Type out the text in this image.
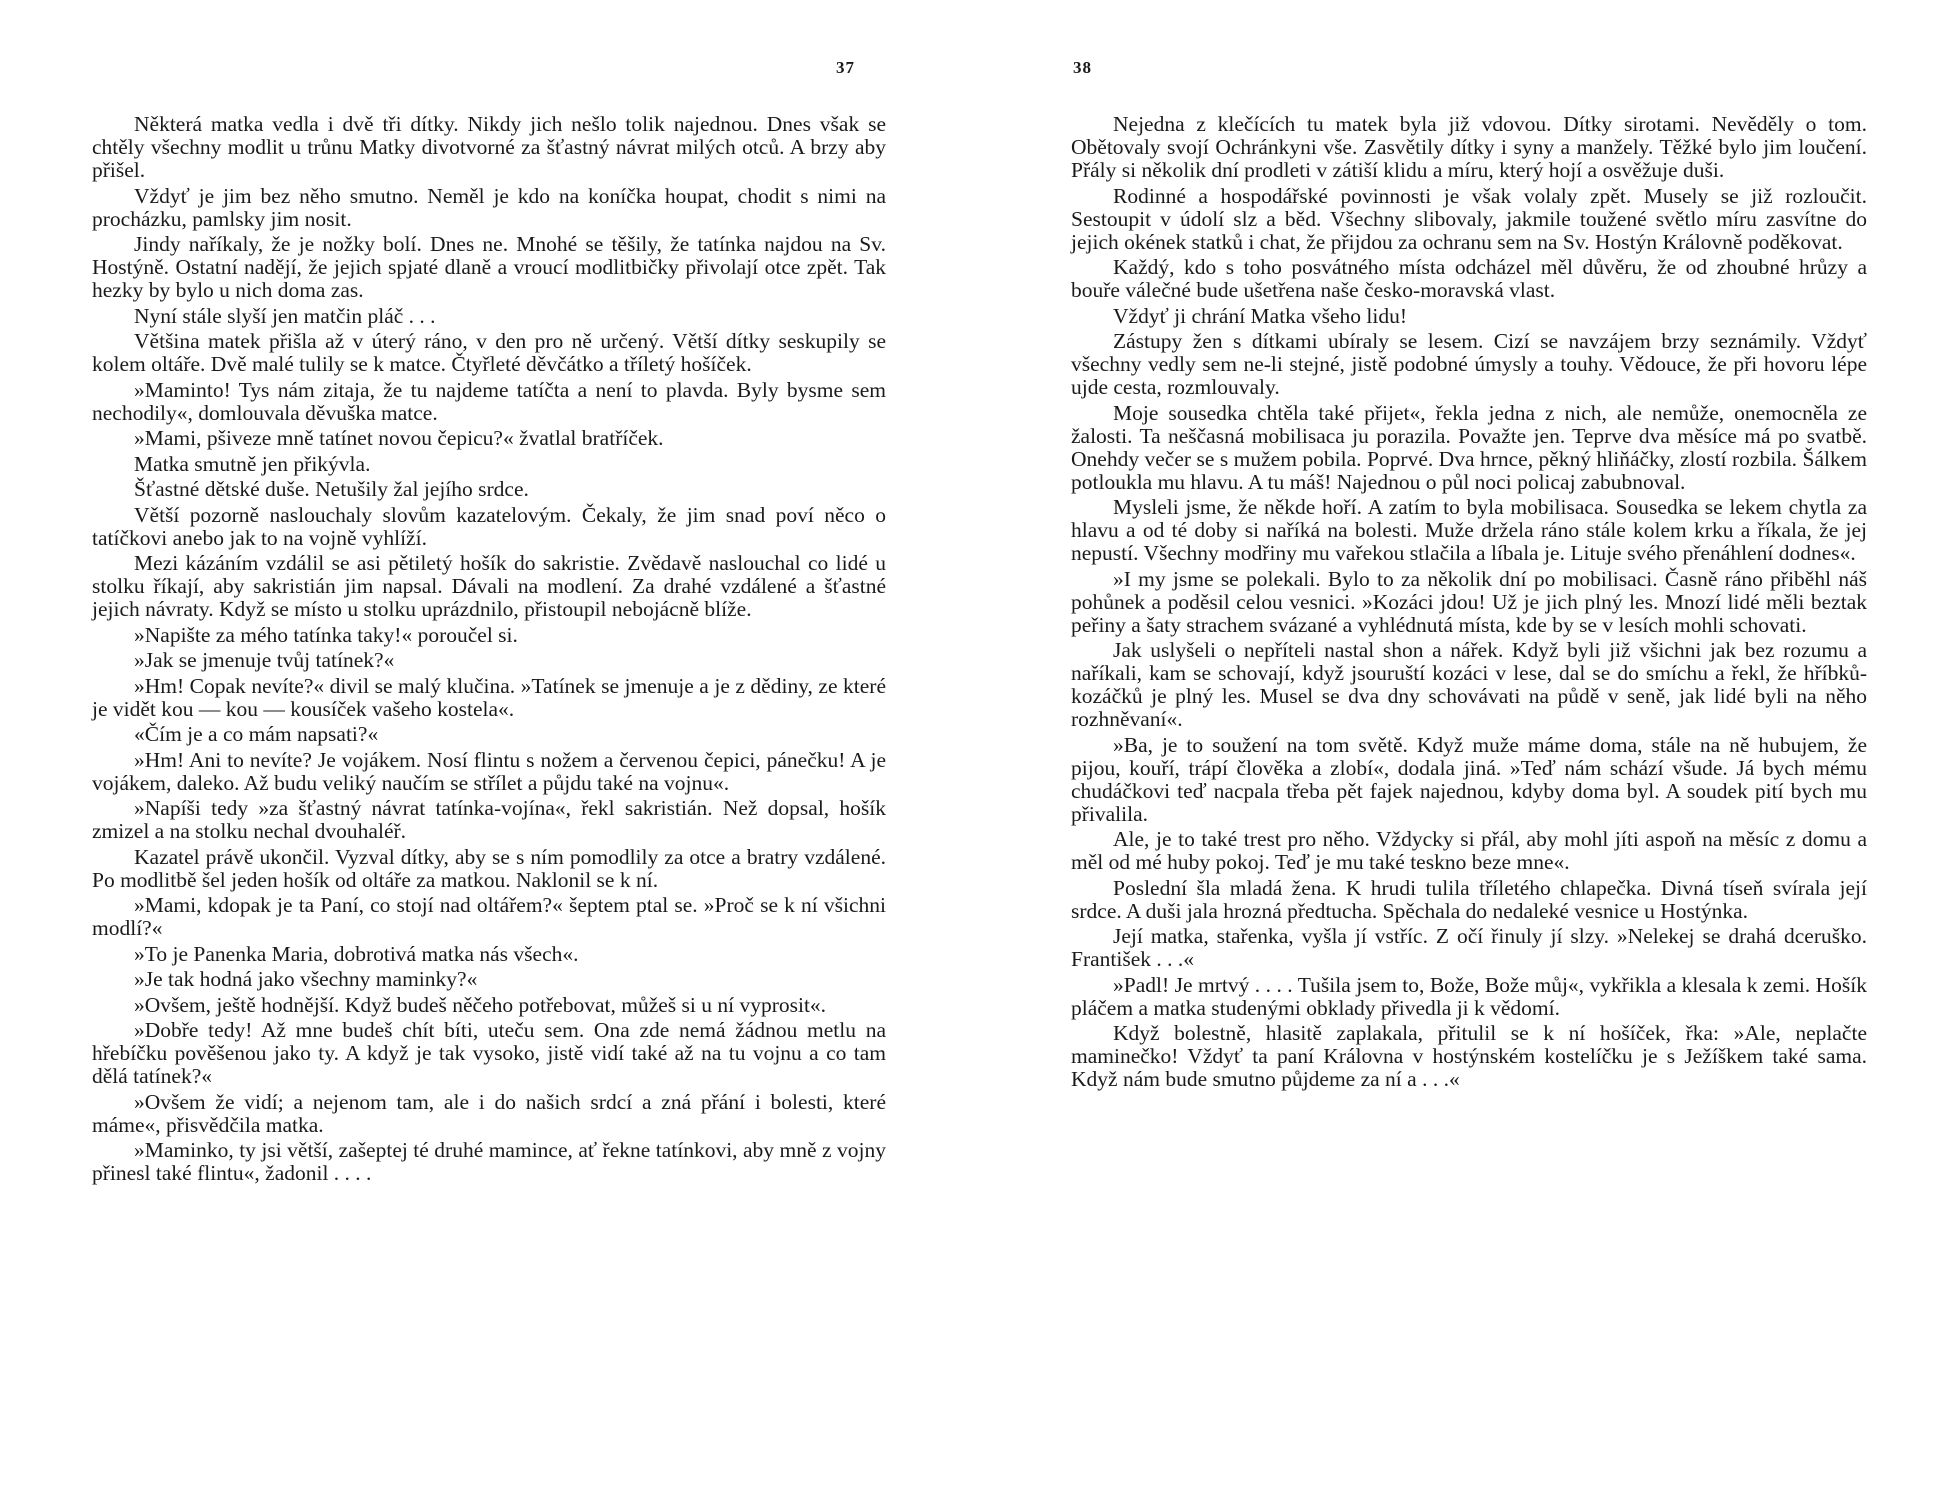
37

Některá matka vedla i dvě tři dítky. Nikdy jich nešlo tolik najednou. Dnes však se chtěly všechny modlit u trůnu Matky divotvorné za šťastný návrat milých otců. A brzy aby přišel.

Vždyť je jim bez něho smutno. Neměl je kdo na koníčka houpat, chodit s nimi na procházku, pamlsky jim nosit.

Jindy naříkaly, že je nožky bolí. Dnes ne. Mnohé se těšily, že tatínka najdou na Sv. Hostýně. Ostatní nadějí, že jejich spjaté dlaně a vroucí modlitbičky přivolají otce zpět. Tak hezky by bylo u nich doma zas.

Nyní stále slyší jen matčin pláč . . .

Většina matek přišla až v úterý ráno, v den pro ně určený. Větší dítky seskupily se kolem oltáře. Dvě malé tulily se k matce. Čtyřleté děvčátko a tříletý hošíček.

»Maminto! Tys nám zitaja, že tu najdeme tatíčta a není to plavda. Byly bysme sem nechodily«, domlouvala děvuška matce.

»Mami, pšiveze mně tatínet novou čepicu?« žvatlal bratříček.

Matka smutně jen přikývla.

Šťastné dětské duše. Netušily žal jejího srdce.

Větší pozorně naslouchaly slovům kazatelovým. Čekaly, že jim snad poví něco o tatíčkovi anebo jak to na vojně vyhlíží.

Mezi kázáním vzdálil se asi pětiletý hošík do sakristie. Zvědavě naslouchal co lidé u stolku říkají, aby sakristián jim napsal. Dávali na modlení. Za drahé vzdálené a šťastné jejich návraty. Když se místo u stolku uprázdnilo, přistoupil nebojácně blíže.

»Napište za mého tatínka taky!« poroučel si.

»Jak se jmenuje tvůj tatínek?«

»Hm! Copak nevíte?« divil se malý klučina. »Tatínek se jmenuje a je z dědiny, ze které je vidět kou — kou — kousíček vašeho kostela«.

«Čím je a co mám napsati?«

»Hm! Ani to nevíte? Je vojákem. Nosí flintu s nožem a červenou čepici, pánečku! A je vojákem, daleko. Až budu veliký naučím se střílet a půjdu také na vojnu«.

»Napíši tedy »za šťastný návrat tatínka-vojína«, řekl sakristián. Než dopsal, hošík zmizel a na stolku nechal dvouhaléř.

Kazatel právě ukončil. Vyzval dítky, aby se s ním pomodlily za otce a bratry vzdálené. Po modlitbě šel jeden hošík od oltáře za matkou. Naklonil se k ní.

»Mami, kdopak je ta Paní, co stojí nad oltářem?« šeptem ptal se. »Proč se k ní všichni modlí?«

»To je Panenka Maria, dobrotivá matka nás všech«.

»Je tak hodná jako všechny maminky?«

»Ovšem, ještě hodnější. Když budeš něčeho potřebovat, můžeš si u ní vyprosit«.

»Dobře tedy! Až mne budeš chít bíti, uteču sem. Ona zde nemá žádnou metlu na hřebíčku pověšenou jako ty. A když je tak vysoko, jistě vidí také až na tu vojnu a co tam dělá tatínek?«

»Ovšem že vidí; a nejenom tam, ale i do našich srdcí a zná přání i bolesti, které máme«, přisvědčila matka.

»Maminko, ty jsi větší, zašeptej té druhé mamince, ať řekne tatínkovi, aby mně z vojny přinesl také flintu«, žadonil . . . .

38

Nejedna z klečících tu matek byla již vdovou. Dítky sirotami. Nevěděly o tom. Obětovaly svojí Ochránkyni vše. Zasvětily dítky i syny a manžely. Těžké bylo jim loučení. Přály si několik dní prodleti v zátiší klidu a míru, který hojí a osvěžuje duši.

Rodinné a hospodářské povinnosti je však volaly zpět. Musely se již rozloučit. Sestoupit v údolí slz a běd. Všechny slibovaly, jakmile toužené světlo míru zasvítne do jejich okének statků i chat, že přijdou za ochranu sem na Sv. Hostýn Královně poděkovat.

Každý, kdo s toho posvátného místa odcházel měl důvěru, že od zhoubné hrůzy a bouře válečné bude ušetřena naše česko-moravská vlast.

Vždyť ji chrání Matka všeho lidu!

Zástupy žen s dítkami ubíraly se lesem. Cizí se navzájem brzy seznámily. Vždyť všechny vedly sem ne-li stejné, jistě podobné úmysly a touhy. Vědouce, že při hovoru lépe ujde cesta, rozmlouvaly.

Moje sousedka chtěla také přijet«, řekla jedna z nich, ale nemůže, onemocněla ze žalosti. Ta neščasná mobilisaca ju porazila. Považte jen. Teprve dva měsíce má po svatbě. Onehdy večer se s mužem pobila. Poprvé. Dva hrnce, pěkný hliňáčky, zlostí rozbila. Šálkem potloukla mu hlavu. A tu máš! Najednou o půl noci policaj zabubnoval.

Mysleli jsme, že někde hoří. A zatím to byla mobilisaca. Sousedka se lekem chytla za hlavu a od té doby si naříká na bolesti. Muže držela ráno stále kolem krku a říkala, že jej nepustí. Všechny modřiny mu vařekou stlačila a líbala je. Lituje svého přenáhlení dodnes«.

»I my jsme se polekali. Bylo to za několik dní po mobilisaci. Časně ráno přiběhl náš pohůnek a poděsil celou vesnici. »Kozáci jdou! Už je jich plný les. Mnozí lidé měli beztak peřiny a šaty strachem svázané a vyhlédnutá místa, kde by se v lesích mohli schovati.

Jak uslyšeli o nepříteli nastal shon a nářek. Když byli již všichni jak bez rozumu a naříkali, kam se schovají, když jsouruští kozáci v lese, dal se do smíchu a řekl, že hříbků-kozáčků je plný les. Musel se dva dny schovávati na půdě v seně, jak lidé byli na něho rozhněvaní«.

»Ba, je to soužení na tom světě. Když muže máme doma, stále na ně hubujem, že pijou, kouří, trápí člověka a zlobí«, dodala jiná. »Teď nám schází všude. Já bych mému chudáčkovi teď nacpala třeba pět fajek najednou, kdyby doma byl. A soudek pití bych mu přivalila.

Ale, je to také trest pro něho. Vždycky si přál, aby mohl jíti aspoň na měsíc z domu a měl od mé huby pokoj. Teď je mu také teskno beze mne«.

Poslední šla mladá žena. K hrudi tulila tříletého chlapečka. Divná tíseň svírala její srdce. A duši jala hrozná předtucha. Spěchala do nedaleké vesnice u Hostýnka.

Její matka, stařenka, vyšla jí vstříc. Z očí řinuly jí slzy. »Nelekej se drahá dceruško. František . . .«

»Padl! Je mrtvý . . . . Tušila jsem to, Bože, Bože můj«, vykřikla a klesala k zemi. Hošík pláčem a matka studenými obklady přivedla ji k vědomí.

Když bolestně, hlasitě zaplakala, přitulil se k ní hošíček, řka: »Ale, neplačte maminečko! Vždyť ta paní Královna v hostýnském kostelíčku je s Ježíškem také sama. Když nám bude smutno půjdeme za ní a . . .«
